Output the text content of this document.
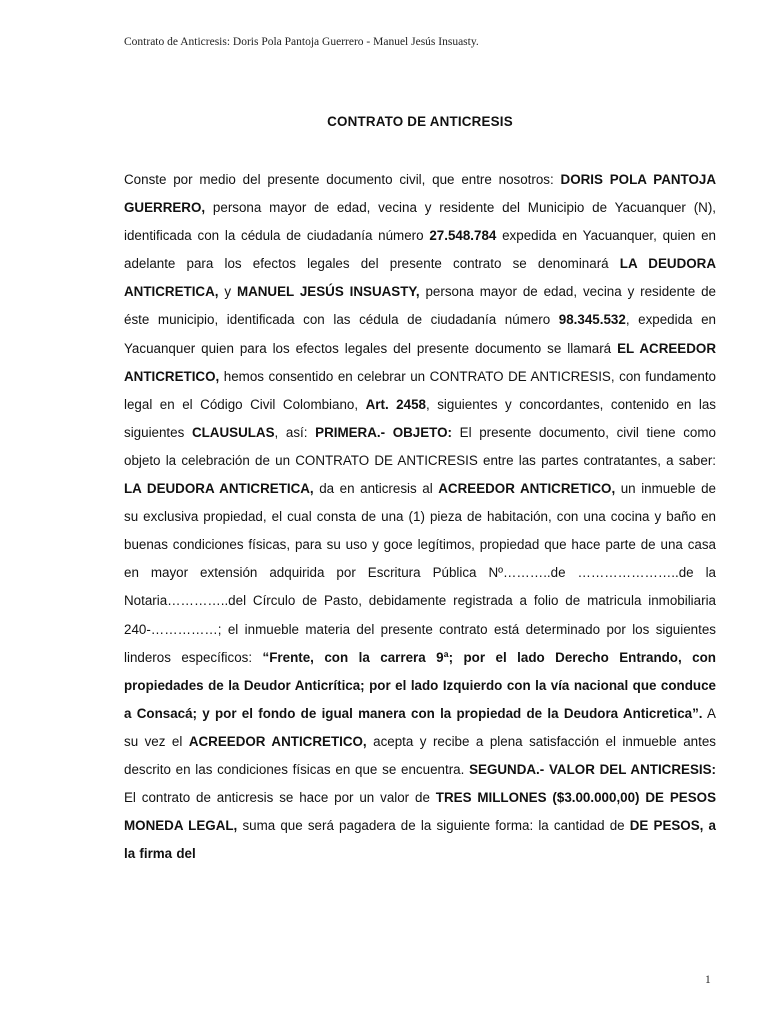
Contrato de Anticresis: Doris Pola Pantoja Guerrero - Manuel Jesús Insuasty.
CONTRATO DE ANTICRESIS
Conste por medio del presente documento civil, que entre nosotros: DORIS POLA PANTOJA GUERRERO, persona mayor de edad, vecina y residente del Municipio de Yacuanquer (N), identificada con la cédula de ciudadanía número 27.548.784 expedida en Yacuanquer, quien en adelante para los efectos legales del presente contrato se denominará LA DEUDORA ANTICRETICA, y MANUEL JESÚS INSUASTY, persona mayor de edad, vecina y residente de éste municipio, identificada con las cédula de ciudadanía número 98.345.532, expedida en Yacuanquer quien para los efectos legales del presente documento se llamará EL ACREEDOR ANTICRETICO, hemos consentido en celebrar un CONTRATO DE ANTICRESIS, con fundamento legal en el Código Civil Colombiano, Art. 2458, siguientes y concordantes, contenido en las siguientes CLAUSULAS, así: PRIMERA.- OBJETO: El presente documento, civil tiene como objeto la celebración de un CONTRATO DE ANTICRESIS entre las partes contratantes, a saber: LA DEUDORA ANTICRETICA, da en anticresis al ACREEDOR ANTICRETICO, un inmueble de su exclusiva propiedad, el cual consta de una (1) pieza de habitación, con una cocina y baño en buenas condiciones físicas, para su uso y goce legítimos, propiedad que hace parte de una casa en mayor extensión adquirida por Escritura Pública Nº………..de …………………..de la Notaria…………..del Círculo de Pasto, debidamente registrada a folio de matricula inmobiliaria 240-……………; el inmueble materia del presente contrato está determinado por los siguientes linderos específicos: “Frente, con la carrera 9ª; por el lado Derecho Entrando, con propiedades de la Deudor Anticrítica; por el lado Izquierdo con la vía nacional que conduce a Consacá; y por el fondo de igual manera con la propiedad de la Deudora Anticretica”. A su vez el ACREEDOR ANTICRETICO, acepta y recibe a plena satisfacción el inmueble antes descrito en las condiciones físicas en que se encuentra. SEGUNDA.- VALOR DEL ANTICRESIS: El contrato de anticresis se hace por un valor de TRES MILLONES ($3.00.000,00) DE PESOS MONEDA LEGAL, suma que será pagadera de la siguiente forma: la cantidad de DE PESOS, a la firma del
1
